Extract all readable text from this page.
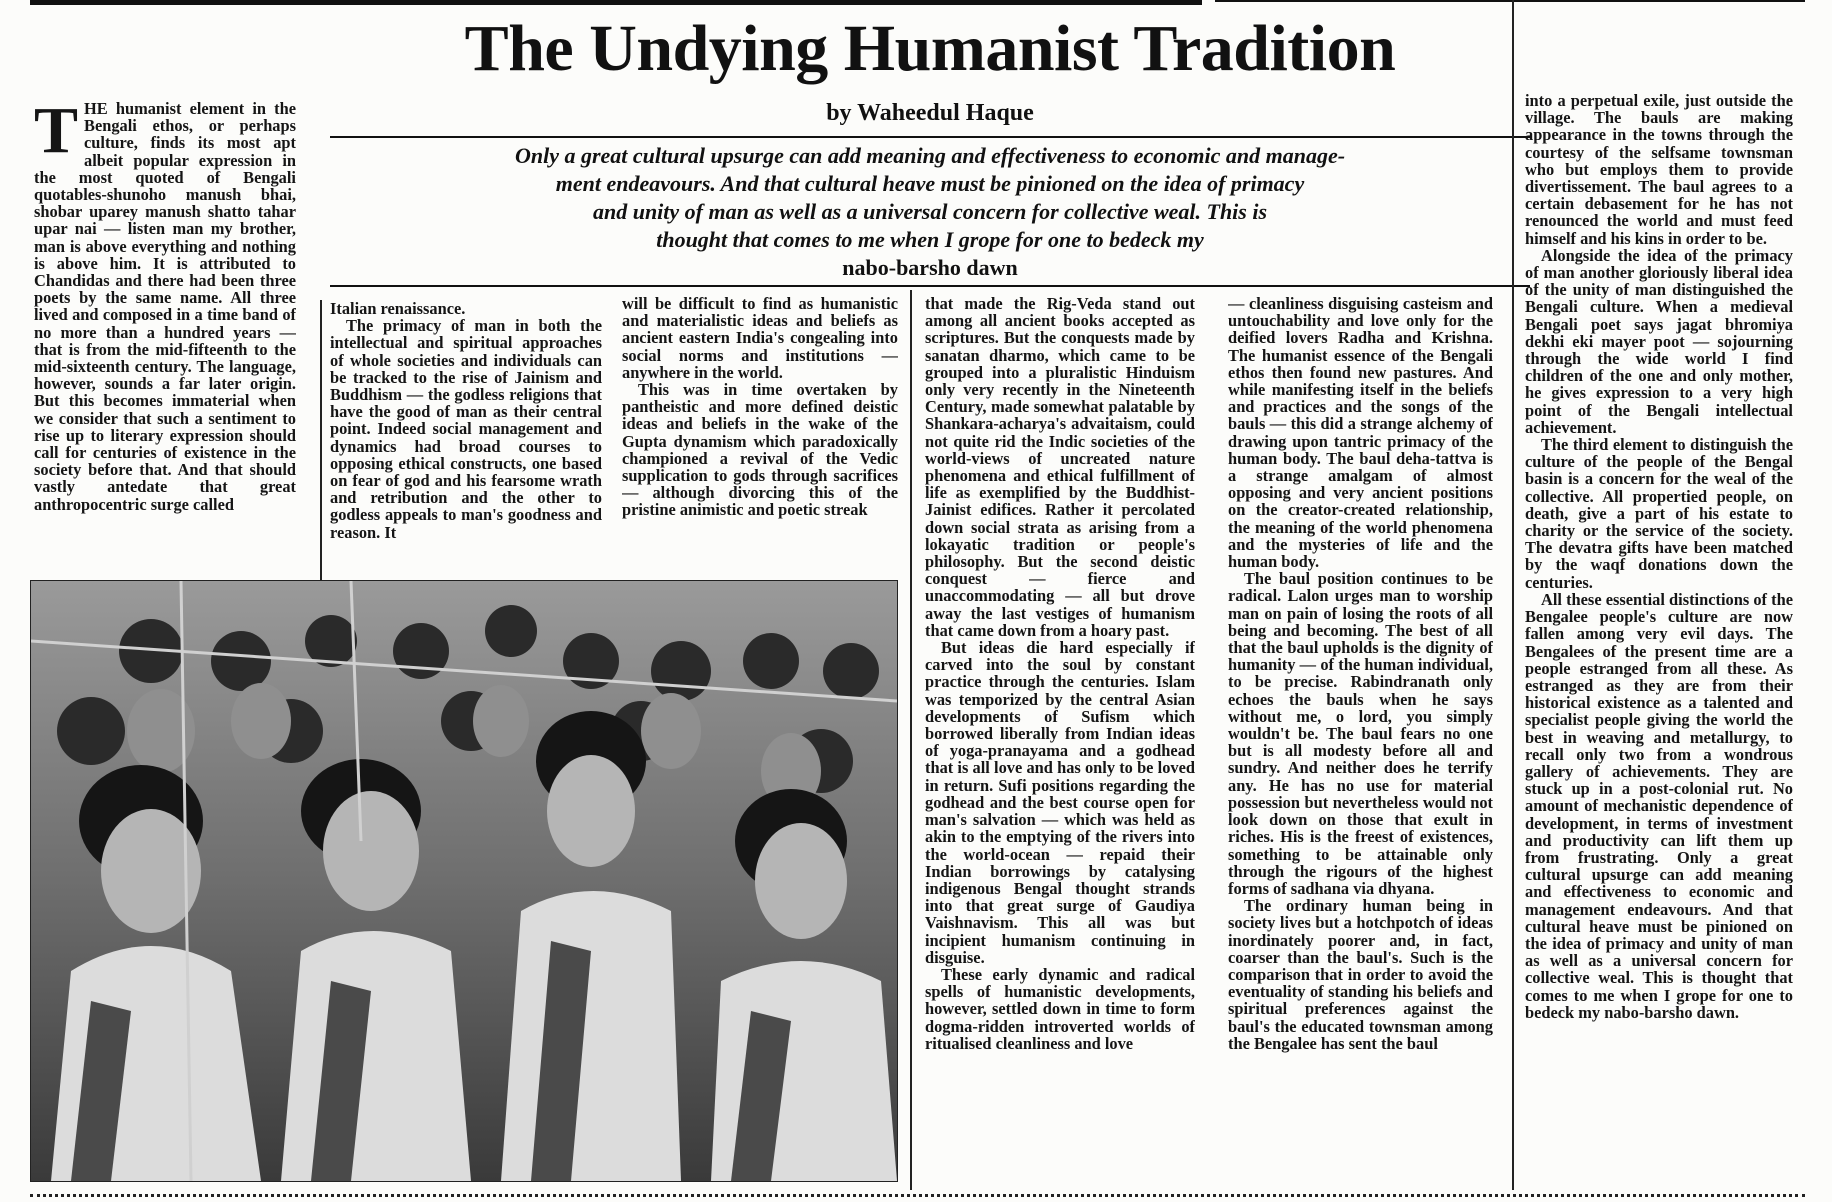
The Undying Humanist Tradition
by Waheedul Haque
Only a great cultural upsurge can add meaning and effectiveness to economic and manage-
ment endeavours. And that cultural heave must be pinioned on the idea of primacy
and unity of man as well as a universal concern for collective weal. This is
thought that comes to me when I grope for one to bedeck my
nabo-barsho dawn
T HE humanist element in the Bengali ethos, or perhaps culture, finds its most apt albeit popular expression in the most quoted of Bengali quotables-shunoho manush bhai, shobar uparey manush shatto tahar upar nai — listen man my brother, man is above everything and nothing is above him. It is attributed to Chandidas and there had been three poets by the same name. All three lived and composed in a time band of no more than a hundred years — that is from the mid-fifteenth to the mid-sixteenth century. The language, however, sounds a far later origin. But this becomes immaterial when we consider that such a sentiment to rise up to literary expression should call for centuries of existence in the society before that. And that should vastly antedate that great anthropocentric surge called

Italian renaissance.

The primacy of man in both the intellectual and spiritual approaches of whole societies and individuals can be tracked to the rise of Jainism and Buddhism — the godless religions that have the good of man as their central point. Indeed social management and dynamics had broad courses to opposing ethical constructs, one based on fear of god and his fearsome wrath and retribution and the other to godless appeals to man's goodness and reason. It

will be difficult to find as humanistic and materialistic ideas and beliefs as ancient eastern India's congealing into social norms and institutions — anywhere in the world.

This was in time overtaken by pantheistic and more defined deistic ideas and beliefs in the wake of the Gupta dynamism which paradoxically championed a revival of the Vedic supplication to gods through sacrifices — although divorcing this of the pristine animistic and poetic streak

that made the Rig-Veda stand out among all ancient books accepted as scriptures. But the conquests made by sanatan dharmo, which came to be grouped into a pluralistic Hinduism only very recently in the Nineteenth Century, made somewhat palatable by Shankara-acharya's advaitaism, could not quite rid the Indic societies of the world-views of uncreated nature phenomena and ethical fulfillment of life as exemplified by the Buddhist-Jainist edifices. Rather it percolated down social strata as arising from a lokayatic tradition or people's philosophy. But the second deistic conquest — fierce and unaccommodating — all but drove away the last vestiges of humanism that came down from a hoary past.

But ideas die hard especially if carved into the soul by constant practice through the centuries. Islam was temporized by the central Asian developments of Sufism which borrowed liberally from Indian ideas of yoga-pranayama and a godhead that is all love and has only to be loved in return. Sufi positions regarding the godhead and the best course open for man's salvation — which was held as akin to the emptying of the rivers into the world-ocean — repaid their Indian borrowings by catalysing indigenous Bengal thought strands into that great surge of Gaudiya Vaishnavism. This all was but incipient humanism continuing in disguise.

These early dynamic and radical spells of humanistic developments, however, settled down in time to form dogma-ridden introverted worlds of ritualised cleanliness and love

— cleanliness disguising casteism and untouchability and love only for the deified lovers Radha and Krishna. The humanist essence of the Bengali ethos then found new pastures. And while manifesting itself in the beliefs and practices and the songs of the bauls — this did a strange alchemy of drawing upon tantric primacy of the human body. The baul deha-tattva is a strange amalgam of almost opposing and very ancient positions on the creator-created relationship, the meaning of the world phenomena and the mysteries of life and the human body.

The baul position continues to be radical. Lalon urges man to worship man on pain of losing the roots of all being and becoming. The best of all that the baul upholds is the dignity of humanity — of the human individual, to be precise. Rabindranath only echoes the bauls when he says without me, o lord, you simply wouldn't be. The baul fears no one but is all modesty before all and sundry. And neither does he terrify any. He has no use for material possession but nevertheless would not look down on those that exult in riches. His is the freest of existences, something to be attainable only through the rigours of the highest forms of sadhana via dhyana.

The ordinary human being in society lives but a hotchpotch of ideas inordinately poorer and, in fact, coarser than the baul's. Such is the comparison that in order to avoid the eventuality of standing his beliefs and spiritual preferences against the baul's the educated townsman among the Bengalee has sent the baul

into a perpetual exile, just outside the village. The bauls are making appearance in the towns through the courtesy of the selfsame townsman who but employs them to provide divertissement. The baul agrees to a certain debasement for he has not renounced the world and must feed himself and his kins in order to be.

Alongside the idea of the primacy of man another gloriously liberal idea of the unity of man distinguished the Bengali culture. When a medieval Bengali poet says jagat bhromiya dekhi eki mayer poot — sojourning through the wide world I find children of the one and only mother, he gives expression to a very high point of the Bengali intellectual achievement.

The third element to distinguish the culture of the people of the Bengal basin is a concern for the weal of the collective. All propertied people, on death, give a part of his estate to charity or the service of the society. The devatra gifts have been matched by the waqf donations down the centuries.

All these essential distinctions of the Bengalee people's culture are now fallen among very evil days. The Bengalees of the present time are a people estranged from all these. As estranged as they are from their historical existence as a talented and specialist people giving the world the best in weaving and metallurgy, to recall only two from a wondrous gallery of achievements. They are stuck up in a post-colonial rut. No amount of mechanistic dependence of development, in terms of investment and productivity can lift them up from frustrating. Only a great cultural upsurge can add meaning and effectiveness to economic and management endeavours. And that cultural heave must be pinioned on the idea of primacy and unity of man as well as a universal concern for collective weal. This is thought that comes to me when I grope for one to bedeck my nabo-barsho dawn.
